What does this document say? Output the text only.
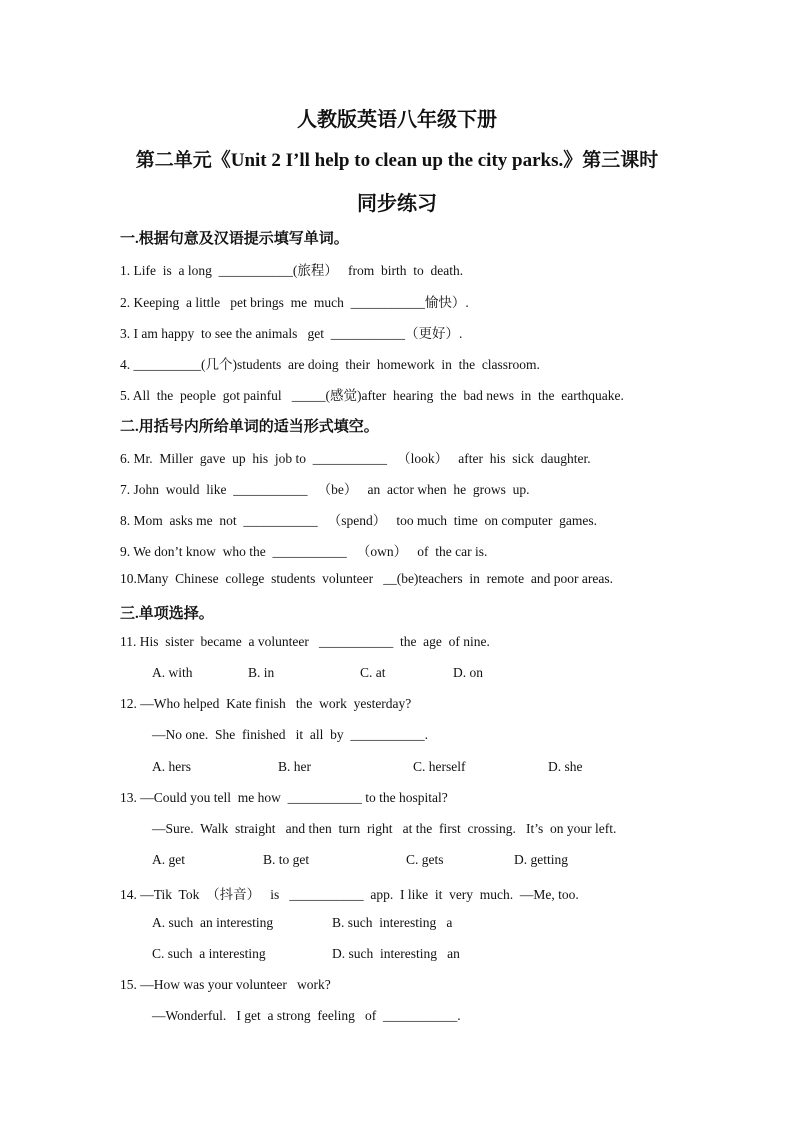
人教版英语八年级下册
第二单元《Unit 2 I’ll help to clean up the city parks.》第三课时
同步练习
一.根据句意及汉语提示填写单词。
1. Life  is  a long  ___________(旅程）   from  birth  to  death.
2. Keeping  a little   pet brings  me  much  ___________愉快）.
3. I am happy  to see the animals   get  ___________（更好）.
4. __________(几个)students  are doing  their  homework  in  the  classroom.
5. All  the  people  got painful   _____(感觉)after  hearing  the  bad news  in  the  earthquake.
二.用括号内所给单词的适当形式填空。
6. Mr.  Miller  gave  up  his  job to  ___________   （look）   after  his  sick  daughter.
7. John  would  like  ___________   （be）   an  actor when  he  grows  up.
8. Mom  asks me  not  ___________   （spend）   too much  time  on computer  games.
9. We don’t know  who the  ___________   （own）   of  the car is.
10.Many  Chinese  college  students  volunteer   __(be)teachers  in  remote  and poor areas.
三.单项选择。
11. His  sister  became  a volunteer   ___________  the  age  of nine.
A. with	B. in	C. at	D. on
12. —Who helped  Kate finish   the  work  yesterday?
—No one.  She  finished   it  all  by  ___________.
A. hers	B. her	C. herself	D. she
13. —Could you tell  me how  ___________ to the hospital?
—Sure.  Walk  straight   and then  turn  right   at the  first  crossing.   It’s  on your left.
A. get	B. to get	C. gets	D. getting
14. —Tik  Tok  （抖音）   is   ___________  app.  I like  it  very  much.  —Me, too.
A. such  an interesting	B. such  interesting   a
C. such  a interesting	D. such  interesting   an
15. —How was your volunteer   work?
—Wonderful.   I get  a strong  feeling   of  ___________.
